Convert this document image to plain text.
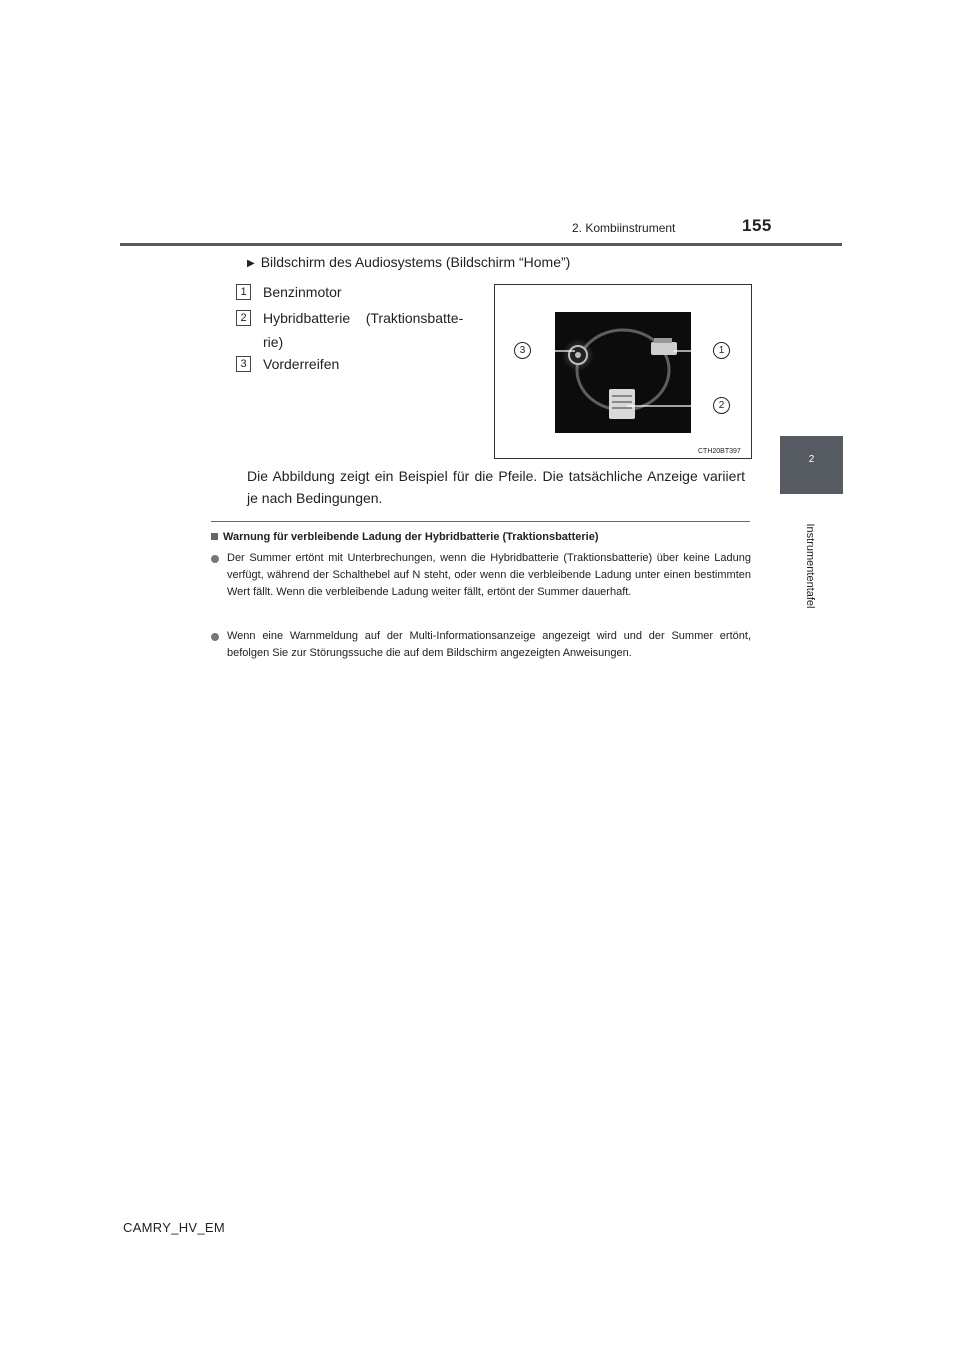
2. Kombiinstrument	155
2
Instrumententafel
▶ Bildschirm des Audiosystems (Bildschirm “Home”)
1 Benzinmotor
2 Hybridbatterie    (Traktionsbatte-
rie)
3 Vorderreifen
3	1
2
CTH20BT397
Die Abbildung zeigt ein Beispiel für die Pfeile. Die tatsächliche Anzeige variiert je nach Bedingungen.
Warnung für verbleibende Ladung der Hybridbatterie (Traktionsbatterie)
Der Summer ertönt mit Unterbrechungen, wenn die Hybridbatterie (Traktionsbatterie) über keine Ladung verfügt, während der Schalthebel auf N steht, oder wenn die verbleibende Ladung unter einen bestimmten Wert fällt. Wenn die verbleibende Ladung weiter fällt, ertönt der Summer dauerhaft.
Wenn eine Warnmeldung auf der Multi-Informationsanzeige angezeigt wird und der Summer ertönt, befolgen Sie zur Störungssuche die auf dem Bildschirm angezeigten Anweisungen.
CAMRY_HV_EM
